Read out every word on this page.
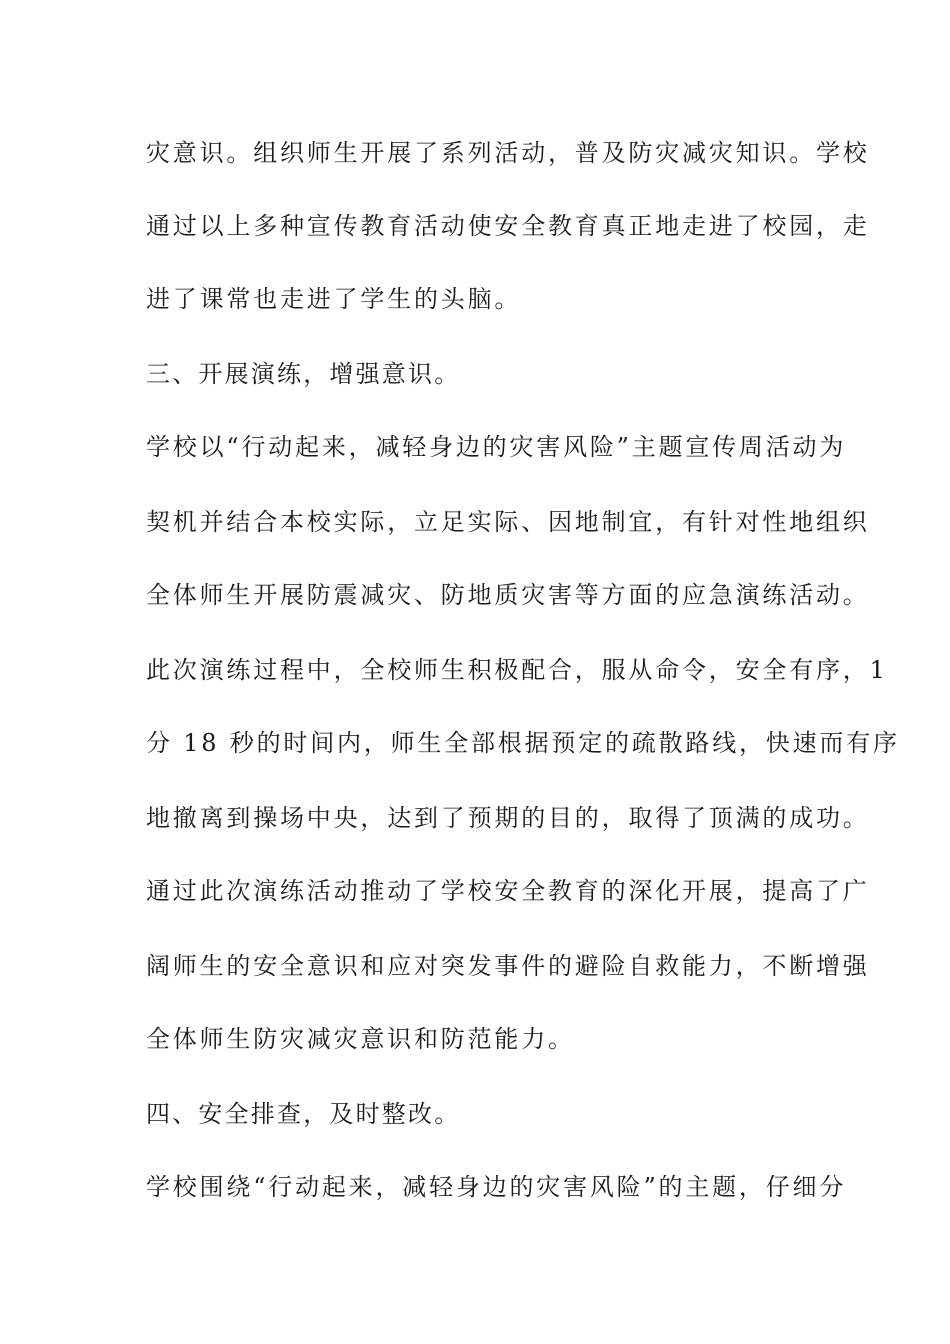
灾意识。组织师生开展了系列活动，普及防灾减灾知识。学校
通过以上多种宣传教育活动使安全教育真正地走进了校园，走
进了课常也走进了学生的头脑。
三、开展演练，增强意识。
学校以“行动起来，减轻身边的灾害风险”主题宣传周活动为
契机并结合本校实际，立足实际、因地制宜，有针对性地组织
全体师生开展防震减灾、防地质灾害等方面的应急演练活动。
此次演练过程中，全校师生积极配合，服从命令，安全有序，1
分 18 秒的时间内，师生全部根据预定的疏散路线，快速而有序
地撤离到操场中央，达到了预期的目的，取得了顶满的成功。
通过此次演练活动推动了学校安全教育的深化开展，提高了广
阔师生的安全意识和应对突发事件的避险自救能力，不断增强
全体师生防灾减灾意识和防范能力。
四、安全排查，及时整改。
学校围绕“行动起来，减轻身边的灾害风险”的主题，仔细分
